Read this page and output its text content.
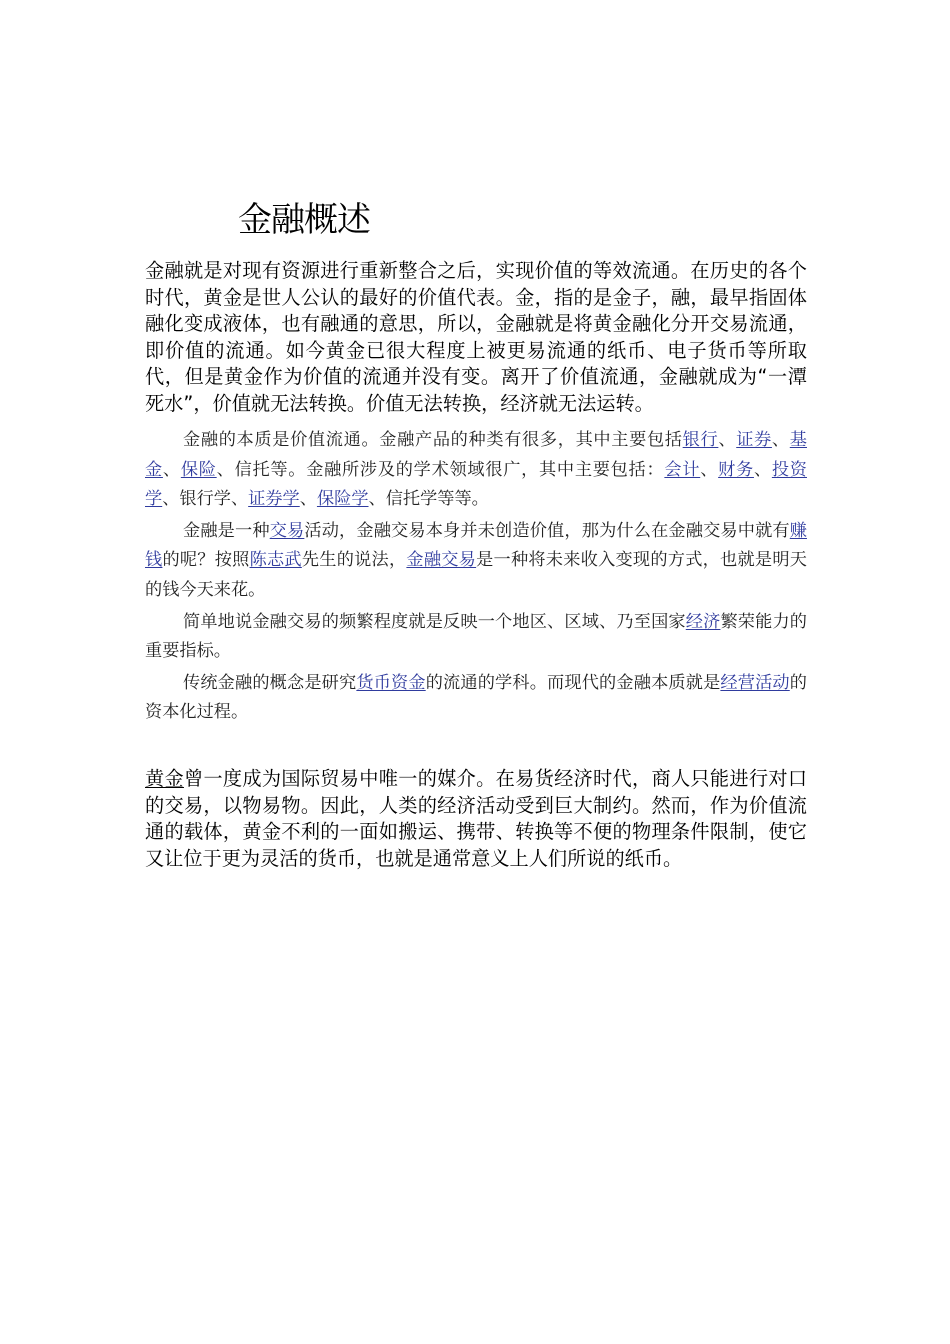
金融概述

金融就是对现有资源进行重新整合之后，实现价值的等效流通。在历史的各个时代，黄金是世人公认的最好的价值代表。金，指的是金子，融，最早指固体融化变成液体，也有融通的意思，所以，金融就是将黄金融化分开交易流通，即价值的流通。如今黄金已很大程度上被更易流通的纸币、电子货币等所取代，但是黄金作为价值的流通并没有变。离开了价值流通，金融就成为“一潭死水”，价值就无法转换。价值无法转换，经济就无法运转。

金融的本质是价值流通。金融产品的种类有很多，其中主要包括银行、证券、基金、保险、信托等。金融所涉及的学术领域很广，其中主要包括：会计、财务、投资学、银行学、证券学、保险学、信托学等等。

金融是一种交易活动，金融交易本身并未创造价值，那为什么在金融交易中就有赚钱的呢？按照陈志武先生的说法，金融交易是一种将未来收入变现的方式，也就是明天的钱今天来花。

简单地说金融交易的频繁程度就是反映一个地区、区域、乃至国家经济繁荣能力的重要指标。

传统金融的概念是研究货币资金的流通的学科。而现代的金融本质就是经营活动的资本化过程。

黄金曾一度成为国际贸易中唯一的媒介。在易货经济时代，商人只能进行对口的交易，以物易物。因此，人类的经济活动受到巨大制约。然而，作为价值流通的载体，黄金不利的一面如搬运、携带、转换等不便的物理条件限制，使它又让位于更为灵活的货币，也就是通常意义上人们所说的纸币。
